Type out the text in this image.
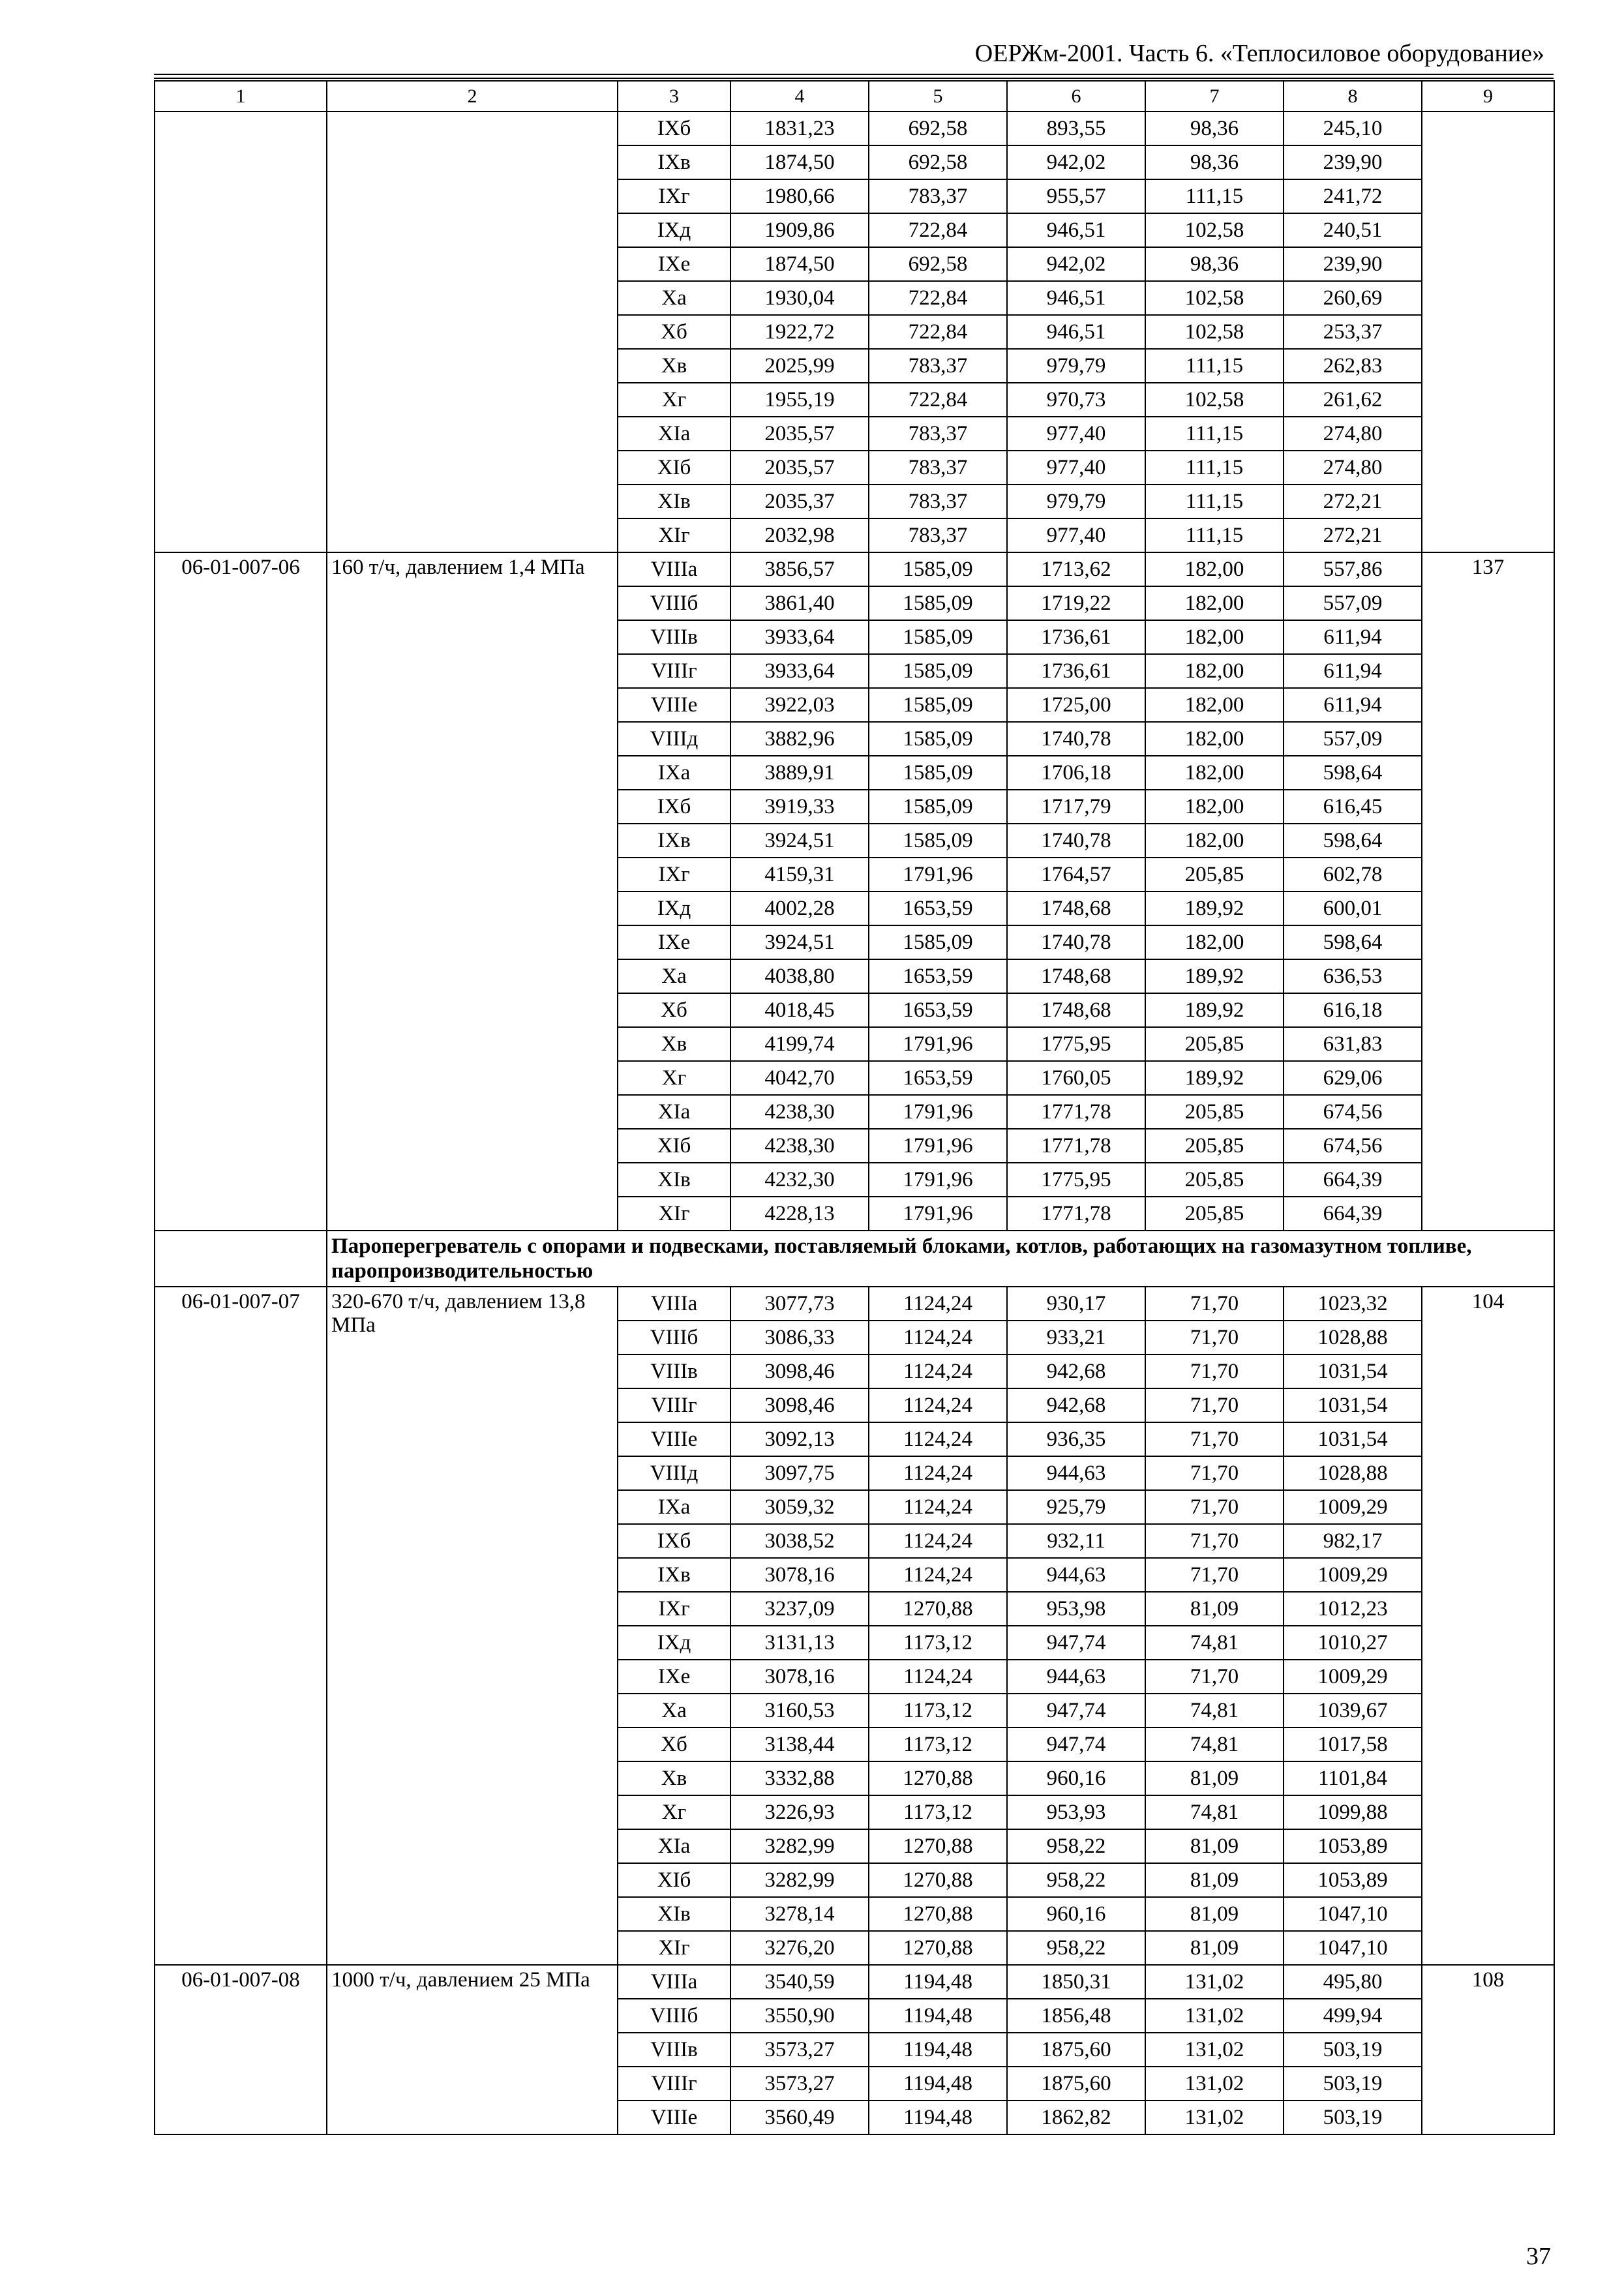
ОЕРЖм-2001. Часть 6. «Теплосиловое оборудование»
1	2	3	4	5	6	7	8	9
		IXб	1831,23	692,58	893,55	98,36	245,10	
		IXв	1874,50	692,58	942,02	98,36	239,90	
		IXг	1980,66	783,37	955,57	111,15	241,72	
		IXд	1909,86	722,84	946,51	102,58	240,51	
		IXе	1874,50	692,58	942,02	98,36	239,90	
		Xа	1930,04	722,84	946,51	102,58	260,69	
		Xб	1922,72	722,84	946,51	102,58	253,37	
		Xв	2025,99	783,37	979,79	111,15	262,83	
		Xг	1955,19	722,84	970,73	102,58	261,62	
		XIа	2035,57	783,37	977,40	111,15	274,80	
		XIб	2035,57	783,37	977,40	111,15	274,80	
		XIв	2035,37	783,37	979,79	111,15	272,21	
		XIг	2032,98	783,37	977,40	111,15	272,21	
06-01-007-06	160 т/ч, давлением 1,4 МПа	VIIIа	3856,57	1585,09	1713,62	182,00	557,86	137
		VIIIб	3861,40	1585,09	1719,22	182,00	557,09	
		VIIIв	3933,64	1585,09	1736,61	182,00	611,94	
		VIIIг	3933,64	1585,09	1736,61	182,00	611,94	
		VIIIе	3922,03	1585,09	1725,00	182,00	611,94	
		VIIIд	3882,96	1585,09	1740,78	182,00	557,09	
		IXа	3889,91	1585,09	1706,18	182,00	598,64	
		IXб	3919,33	1585,09	1717,79	182,00	616,45	
		IXв	3924,51	1585,09	1740,78	182,00	598,64	
		IXг	4159,31	1791,96	1764,57	205,85	602,78	
		IXд	4002,28	1653,59	1748,68	189,92	600,01	
		IXе	3924,51	1585,09	1740,78	182,00	598,64	
		Xа	4038,80	1653,59	1748,68	189,92	636,53	
		Xб	4018,45	1653,59	1748,68	189,92	616,18	
		Xв	4199,74	1791,96	1775,95	205,85	631,83	
		Xг	4042,70	1653,59	1760,05	189,92	629,06	
		XIа	4238,30	1791,96	1771,78	205,85	674,56	
		XIб	4238,30	1791,96	1771,78	205,85	674,56	
		XIв	4232,30	1791,96	1775,95	205,85	664,39	
		XIг	4228,13	1791,96	1771,78	205,85	664,39	
	Пароперегреватель с опорами и подвесками, поставляемый блоками, котлов, работающих на газомазутном топливе, паропроизводительностью							
06-01-007-07	320-670 т/ч, давлением 13,8 МПа	VIIIа	3077,73	1124,24	930,17	71,70	1023,32	104
		VIIIб	3086,33	1124,24	933,21	71,70	1028,88	
		VIIIв	3098,46	1124,24	942,68	71,70	1031,54	
		VIIIг	3098,46	1124,24	942,68	71,70	1031,54	
		VIIIе	3092,13	1124,24	936,35	71,70	1031,54	
		VIIIд	3097,75	1124,24	944,63	71,70	1028,88	
		IXа	3059,32	1124,24	925,79	71,70	1009,29	
		IXб	3038,52	1124,24	932,11	71,70	982,17	
		IXв	3078,16	1124,24	944,63	71,70	1009,29	
		IXг	3237,09	1270,88	953,98	81,09	1012,23	
		IXд	3131,13	1173,12	947,74	74,81	1010,27	
		IXе	3078,16	1124,24	944,63	71,70	1009,29	
		Xа	3160,53	1173,12	947,74	74,81	1039,67	
		Xб	3138,44	1173,12	947,74	74,81	1017,58	
		Xв	3332,88	1270,88	960,16	81,09	1101,84	
		Xг	3226,93	1173,12	953,93	74,81	1099,88	
		XIа	3282,99	1270,88	958,22	81,09	1053,89	
		XIб	3282,99	1270,88	958,22	81,09	1053,89	
		XIв	3278,14	1270,88	960,16	81,09	1047,10	
		XIг	3276,20	1270,88	958,22	81,09	1047,10	
06-01-007-08	1000 т/ч, давлением 25 МПа	VIIIа	3540,59	1194,48	1850,31	131,02	495,80	108
		VIIIб	3550,90	1194,48	1856,48	131,02	499,94	
		VIIIв	3573,27	1194,48	1875,60	131,02	503,19	
		VIIIг	3573,27	1194,48	1875,60	131,02	503,19	
		VIIIе	3560,49	1194,48	1862,82	131,02	503,19	
37
